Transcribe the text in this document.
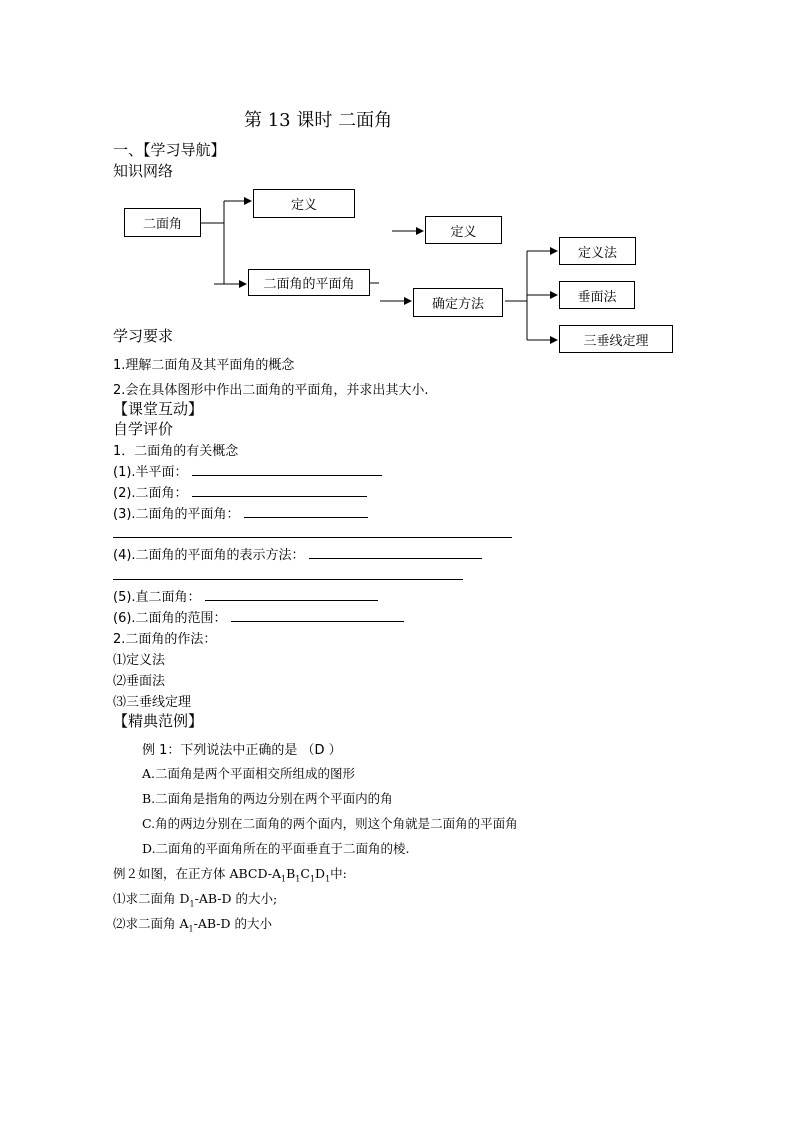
第 13 课时 二面角
一、【学习导航】
知识网络
二面角
定义
二面角的平面角
定义
确定方法
定义法
垂面法
三垂线定理
学习要求
1.理解二面角及其平面角的概念
2.会在具体图形中作出二面角的平面角，并求出其大小.
【课堂互动】
自学评价
1．二面角的有关概念
(1).半平面：
(2).二面角：
(3).二面角的平面角：
(4).二面角的平面角的表示方法：
(5).直二面角：
(6).二面角的范围：
2.二面角的作法：
⑴定义法
⑵垂面法
⑶三垂线定理
【精典范例】
例 1：下列说法中正确的是 （D ）
A.二面角是两个平面相交所组成的图形
B.二面角是指角的两边分别在两个平面内的角
C.角的两边分别在二面角的两个面内，则这个角就是二面角的平面角
D.二面角的平面角所在的平面垂直于二面角的棱.
例２如图，在正方体 ABCD-$A_1B_1C_1D_1$中:
⑴求二面角 $D_1-AB-D$ 的大小;
⑵求二面角 $A_1-AB-D$ 的大小
